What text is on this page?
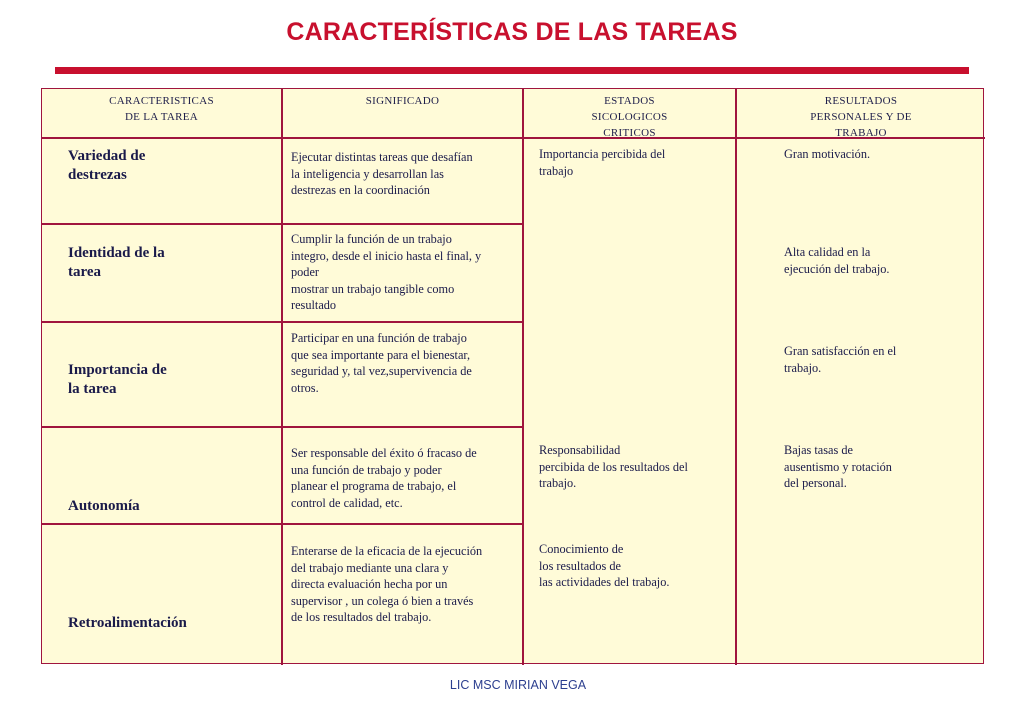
CARACTERÍSTICAS DE LAS TAREAS
CARACTERISTICAS
DE LA TAREA
SIGNIFICADO	ESTADOS
SICOLOGICOS
CRITICOS
RESULTADOS
PERSONALES Y DE
TRABAJO
Variedad de
destrezas
Identidad de la
tarea
Importancia de
la tarea
Autonomía
Retroalimentación
Ejecutar distintas tareas que desafían
la inteligencia y desarrollan las
destrezas en la coordinación
Cumplir la función de un trabajo
integro, desde el inicio hasta el final, y
poder
mostrar un trabajo tangible como
resultado
Participar en una función de trabajo
que sea importante para el bienestar,
seguridad y, tal vez,supervivencia de
otros.
Ser responsable del éxito ó fracaso de
una función de trabajo y poder
planear el programa de trabajo, el
control de calidad, etc.
Enterarse de la eficacia de la ejecución
del trabajo mediante una clara y
directa evaluación hecha por un
supervisor , un colega ó bien a través
de los resultados del trabajo.
Importancia percibida del
trabajo
Responsabilidad
percibida de los resultados del
trabajo.
Conocimiento de
los resultados de
las actividades del trabajo.
Gran motivación.
Alta calidad en la
ejecución del trabajo.
Gran satisfacción en el
trabajo.
Bajas tasas de
ausentismo y rotación
del personal.
LIC MSC MIRIAN VEGA
